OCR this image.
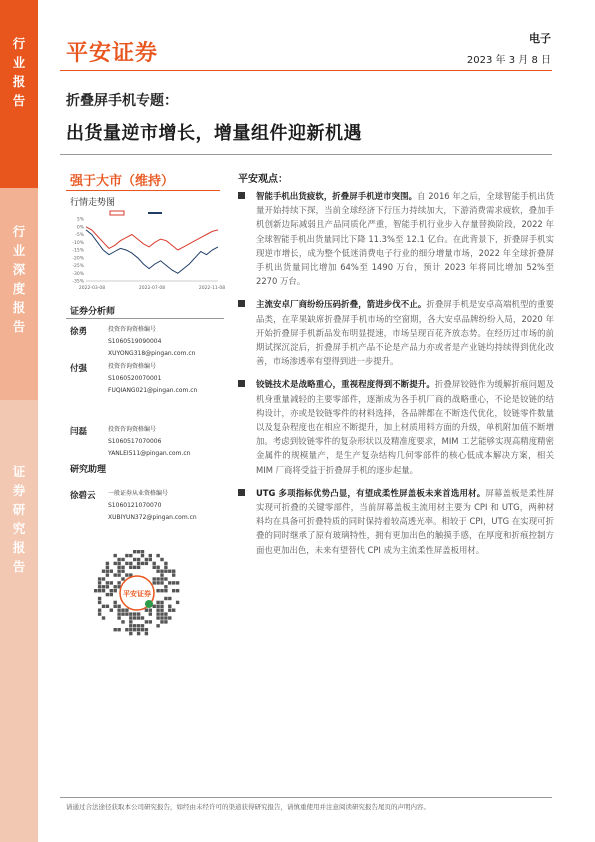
行
业
报
告
行
业
深
度
报
告
证
券
研
究
报
告
平安证券
电子
2023 年 3 月 8 日
折叠屏手机专题：
出货量逆市增长，增量组件迎新机遇
强于大市（维持）
行情走势图
5%
0%
-5%
-10%
-15%
-20%
-25%
-30%
-35%
2022-03-08	2022-07-08	2022-11-08
证券分析师
徐勇	投资咨询资格编号
S1060519090004
XUYONG318@pingan.com.cn
付强	投资咨询资格编号
S1060520070001
FUQIANG021@pingan.com.cn
闫磊	投资咨询资格编号
S1060517070006
YANLEI511@pingan.com.cn
研究助理
徐碧云 一般证券从业资格编号
S1060121070070
XUBIYUN372@pingan.com.cn
平安证券
平安观点：
智能手机出货疲软，折叠屏手机逆市突围。自 2016 年之后，全球智能手机出货量开始持续下探，当前全球经济下行压力持续加大，下游消费需求疲软，叠加手机创新边际减弱且产品同质化严重，智能手机行业步入存量替换阶段，2022 年全球智能手机出货量同比下降 11.3%至 12.1 亿台。在此背景下，折叠屏手机实现逆市增长，成为整个低迷消费电子行业的细分增量市场，2022 年全球折叠屏手机出货量同比增加 64%至 1490 万台，预计 2023 年将同比增加 52%至 2270 万台。
主流安卓厂商纷纷压码折叠，箭进步伐不止。折叠屏手机是安卓高端机型的重要品类，在苹果缺席折叠屏手机市场的空窗期，各大安卓品牌纷纷入局，2020 年开始折叠屏手机新品发布明显提速，市场呈现百花齐放态势。在经历过市场的前期试探沉淀后，折叠屏手机产品不论是产品力亦或者是产业链均持续得到优化改善，市场渗透率有望得到进一步提升。
铰链技术是战略重心，重视程度得到不断提升。折叠屏铰链作为缓解折痕问题及机身重量减轻的主要零部件，逐渐成为各手机厂商的战略重心，不论是铰链的结构设计，亦或是铰链零件的材料选择，各品牌都在不断迭代优化，铰链零件数量以及复杂程度也在相应不断提升，加上材质用料方面的升级，单机附加值不断增加。考虑到铰链零件的复杂形状以及精准度要求，MIM 工艺能够实现高精度精密金属件的规模量产，是生产复杂结构几何零部件的核心低成本解决方案，相关 MIM 厂商将受益于折叠屏手机的逐步起量。
UTG 多项指标优势凸显，有望成柔性屏盖板未来首选用材。屏幕盖板是柔性屏实现可折叠的关键零部件，当前屏幕盖板主流用材主要为 CPI 和 UTG，两种材料均在具备可折叠特质的同时保持着较高透光率。相较于 CPI，UTG 在实现可折叠的同时继承了原有玻璃特性，拥有更加出色的触摸手感，在厚度和折痕控制方面也更加出色，未来有望替代 CPI 成为主流柔性屏盖板用材。
请通过合法途径获取本公司研究报告，如经由未经许可的渠道获得研究报告，请慎重使用并注意阅读研究报告尾页的声明内容。
